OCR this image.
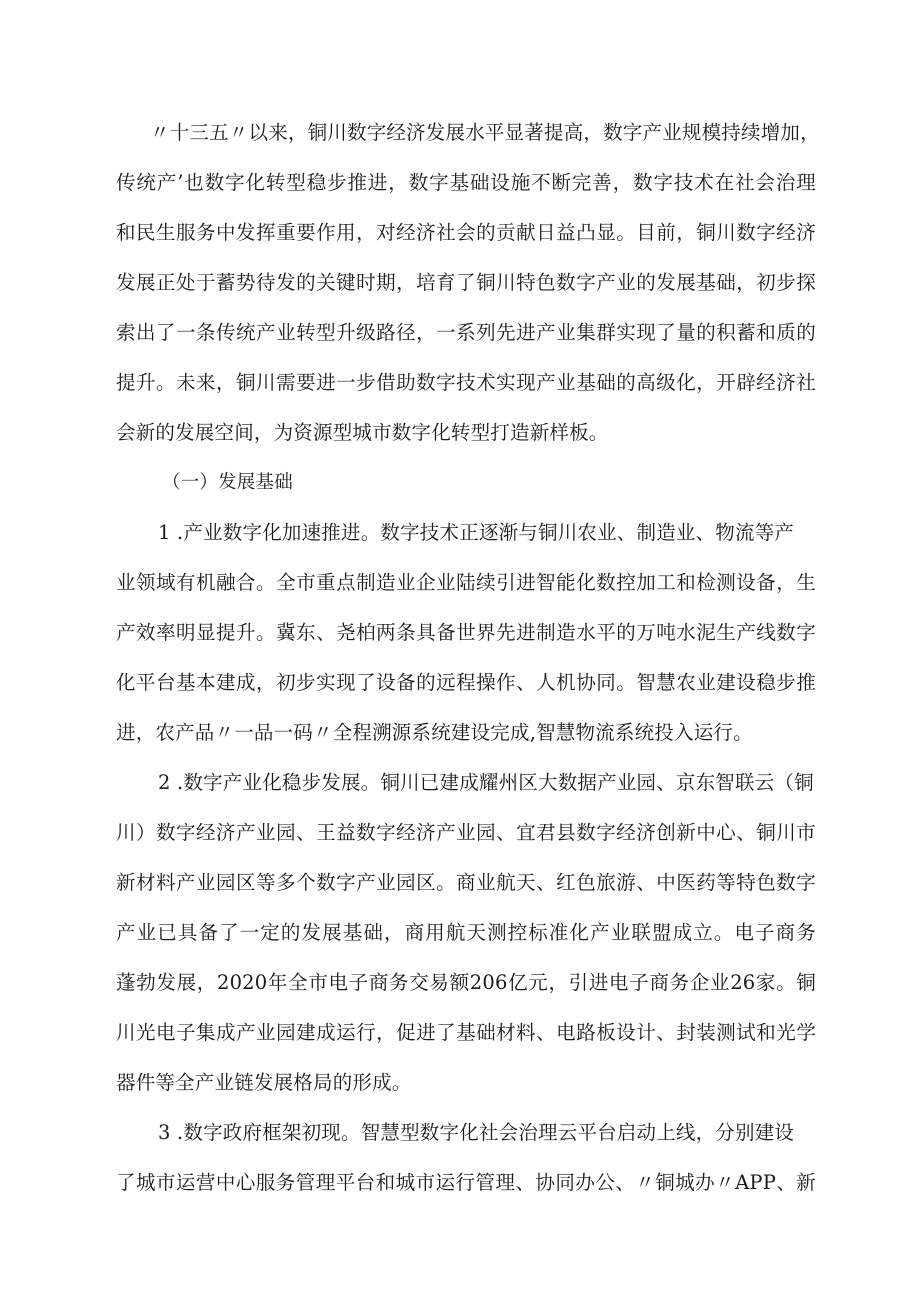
〃十三五〃以来，铜川数字经济发展水平显著提高，数字产业规模持续增加，
传统产’也数字化转型稳步推进，数字基础设施不断完善，数字技术在社会治理
和民生服务中发挥重要作用，对经济社会的贡献日益凸显。目前，铜川数字经济
发展正处于蓄势待发的关键时期，培育了铜川特色数字产业的发展基础，初步探
索出了一条传统产业转型升级路径，一系列先进产业集群实现了量的积蓄和质的
提升。未来，铜川需要进一步借助数字技术实现产业基础的高级化，开辟经济社
会新的发展空间，为资源型城市数字化转型打造新样板。
（一）发展基础
1 .产业数字化加速推进。数字技术正逐渐与铜川农业、制造业、物流等产
业领域有机融合。全市重点制造业企业陆续引进智能化数控加工和检测设备，生
产效率明显提升。冀东、尧柏两条具备世界先进制造水平的万吨水泥生产线数字
化平台基本建成，初步实现了设备的远程操作、人机协同。智慧农业建设稳步推
进，农产品〃一品一码〃全程溯源系统建设完成,智慧物流系统投入运行。
2 .数字产业化稳步发展。铜川已建成耀州区大数据产业园、京东智联云（铜
川）数字经济产业园、王益数字经济产业园、宜君县数字经济创新中心、铜川市
新材料产业园区等多个数字产业园区。商业航天、红色旅游、中医药等特色数字
产业已具备了一定的发展基础，商用航天测控标准化产业联盟成立。电子商务
蓬勃发展，2020年全市电子商务交易额206亿元，引进电子商务企业26家。铜
川光电子集成产业园建成运行，促进了基础材料、电路板设计、封装测试和光学
器件等全产业链发展格局的形成。
3 .数字政府框架初现。智慧型数字化社会治理云平台启动上线，分别建设
了城市运营中心服务管理平台和城市运行管理、协同办公、〃铜城办〃APP、新
